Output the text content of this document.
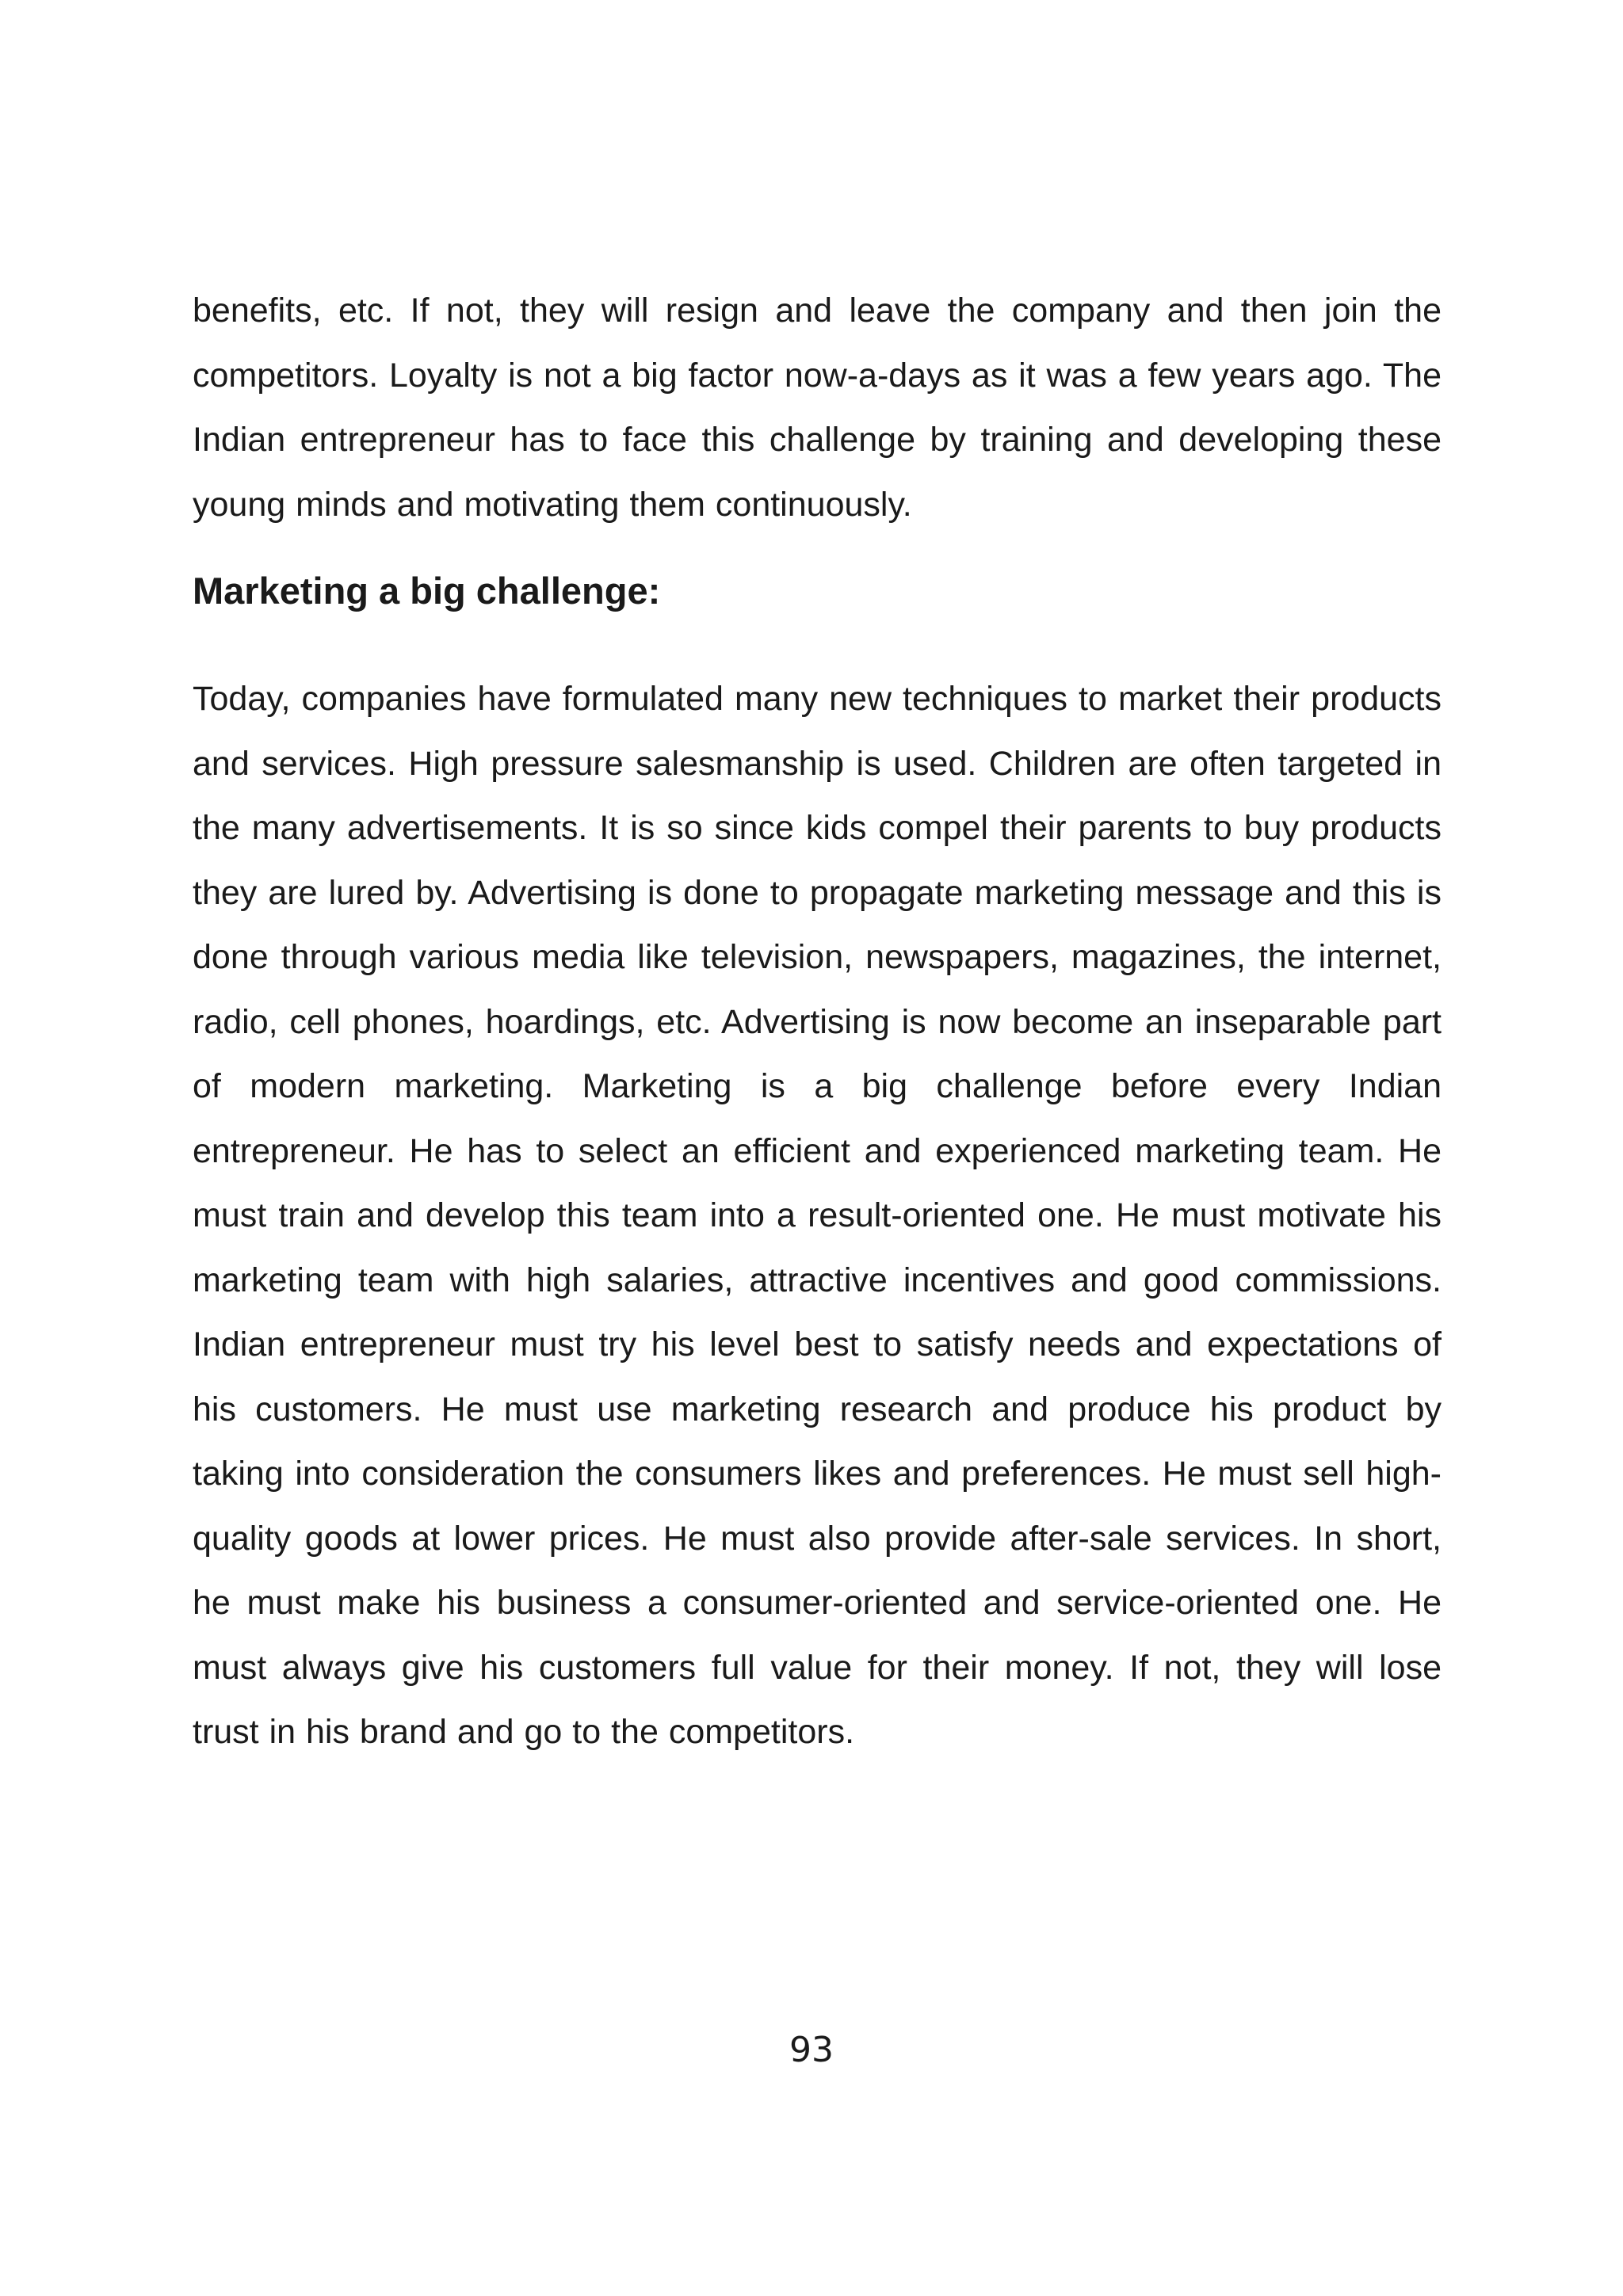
benefits, etc. If not, they will resign and leave the company and then join the competitors. Loyalty is not a big factor now-a-days as it was a few years ago. The Indian entrepreneur has to face this challenge by training and developing these young minds and motivating them continuously.

Marketing a big challenge:

Today, companies have formulated many new techniques to market their products and services. High pressure salesmanship is used. Children are often targeted in the many advertisements. It is so since kids compel their parents to buy products they are lured by. Advertising is done to propagate marketing message and this is done through various media like television, newspapers, magazines, the internet, radio, cell phones, hoardings, etc. Advertising is now become an inseparable part of modern marketing. Marketing is a big challenge before every Indian entrepreneur. He has to select an efficient and experienced marketing team. He must train and develop this team into a result-oriented one. He must motivate his marketing team with high salaries, attractive incentives and good commissions. Indian entrepreneur must try his level best to satisfy needs and expectations of his customers. He must use marketing research and produce his product by taking into consideration the consumers likes and preferences. He must sell high-quality goods at lower prices. He must also provide after-sale services. In short, he must make his business a consumer-oriented and service-oriented one. He must always give his customers full value for their money. If not, they will lose trust in his brand and go to the competitors.

93
